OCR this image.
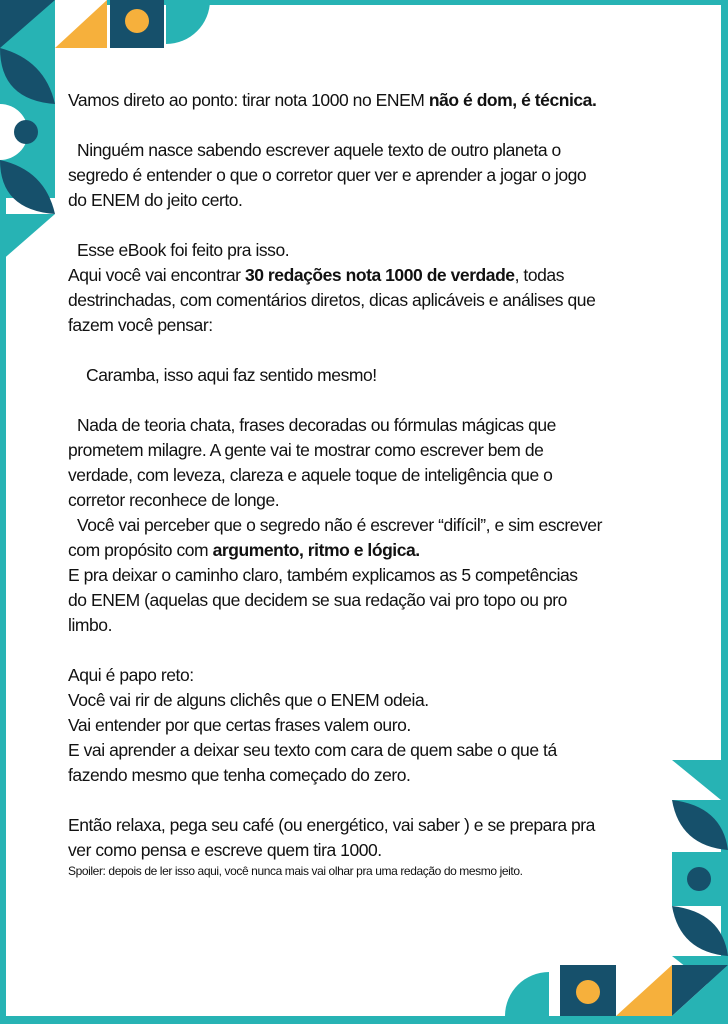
Vamos direto ao ponto: tirar nota 1000 no ENEM não é dom, é técnica.

Ninguém nasce sabendo escrever aquele texto de outro planeta o

segredo é entender o que o corretor quer ver e aprender a jogar o jogo

do ENEM do jeito certo.

Esse eBook foi feito pra isso.

Aqui você vai encontrar 30 redações nota 1000 de verdade, todas

destrinchadas, com comentários diretos, dicas aplicáveis e análises que

fazem você pensar:

Caramba, isso aqui faz sentido mesmo!

Nada de teoria chata, frases decoradas ou fórmulas mágicas que

prometem milagre. A gente vai te mostrar como escrever bem de

verdade, com leveza, clareza e aquele toque de inteligência que o

corretor reconhece de longe.

Você vai perceber que o segredo não é escrever “difícil”, e sim escrever

com propósito com argumento, ritmo e lógica.

E pra deixar o caminho claro, também explicamos as 5 competências

do ENEM (aquelas que decidem se sua redação vai pro topo ou pro

limbo.

Aqui é papo reto:

Você vai rir de alguns clichês que o ENEM odeia.

Vai entender por que certas frases valem ouro.

E vai aprender a deixar seu texto com cara de quem sabe o que tá

fazendo mesmo que tenha começado do zero.

Então relaxa, pega seu café (ou energético, vai saber ) e se prepara pra

ver como pensa e escreve quem tira 1000.

Spoiler: depois de ler isso aqui, você nunca mais vai olhar pra uma redação do mesmo jeito.
